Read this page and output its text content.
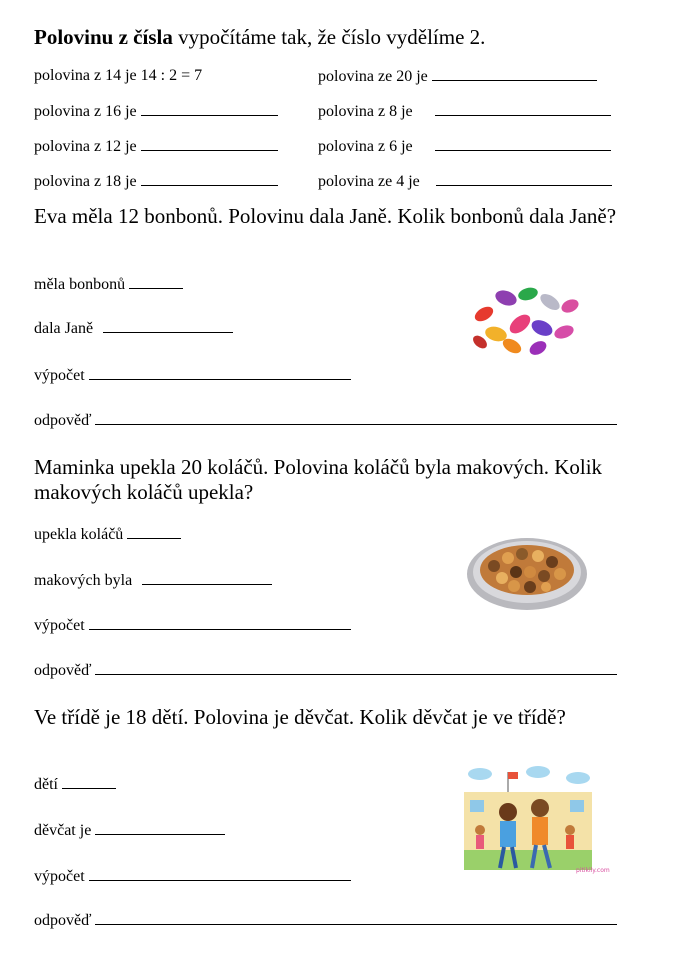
Polovinu z čísla vypočítáme tak, že číslo vydělíme 2.
polovina z 14 je 14 : 2 = 7	polovina ze 20 je
polovina z 16 je	polovina z 8 je
polovina z 12 je	polovina z 6 je
polovina z 18 je	polovina ze 4 je
Eva měla 12 bonbonů. Polovinu dala Janě. Kolik bonbonů dala Janě?
měla bonbonů
dala Janě
výpočet
odpověď
Maminka upekla 20 koláčů. Polovina koláčů byla makových. Kolik makových koláčů upekla?
upekla koláčů
makových byla
výpočet
odpověď
Ve třídě je 18 dětí. Polovina je děvčat. Kolik děvčat je ve třídě?
dětí
děvčat je
výpočet
odpověď
pitikily.com
